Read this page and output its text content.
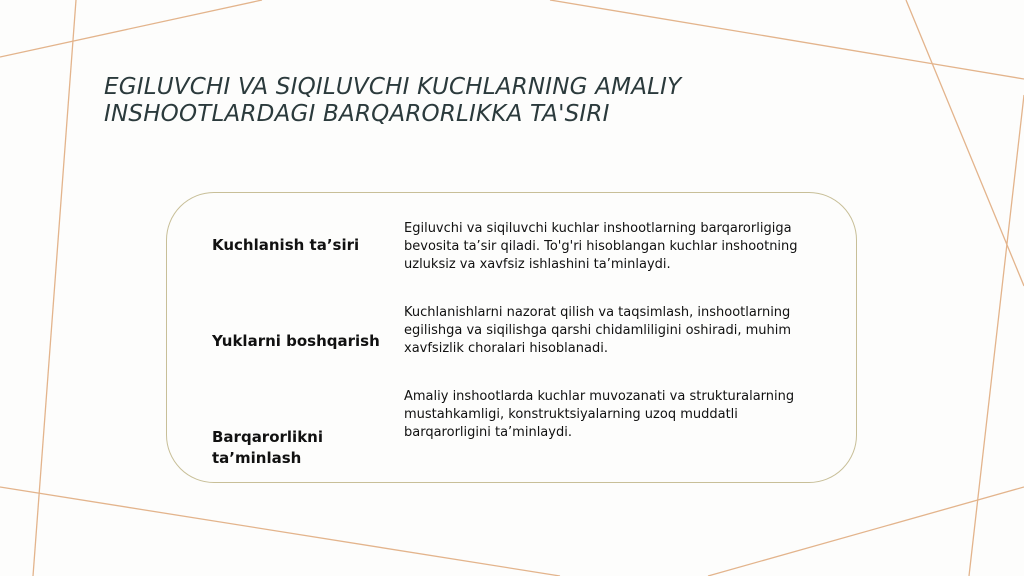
EGILUVCHI VA SIQILUVCHI KUCHLARNING AMALIY
INSHOOTLARDAGI BARQARORLIKKA TA'SIRI
Kuchlanish ta’siri
Egiluvchi va siqiluvchi kuchlar inshootlarning barqarorligiga bevosita ta’sir qiladi. To'g'ri hisoblangan kuchlar inshootning uzluksiz va xavfsiz ishlashini ta’minlaydi.
Yuklarni boshqarish
Kuchlanishlarni nazorat qilish va taqsimlash, inshootlarning egilishga va siqilishga qarshi chidamliligini oshiradi, muhim xavfsizlik choralari hisoblanadi.
Barqarorlikni ta’minlash
Amaliy inshootlarda kuchlar muvozanati va strukturalarning mustahkamligi, konstruktsiyalarning uzoq muddatli barqarorligini ta’minlaydi.
